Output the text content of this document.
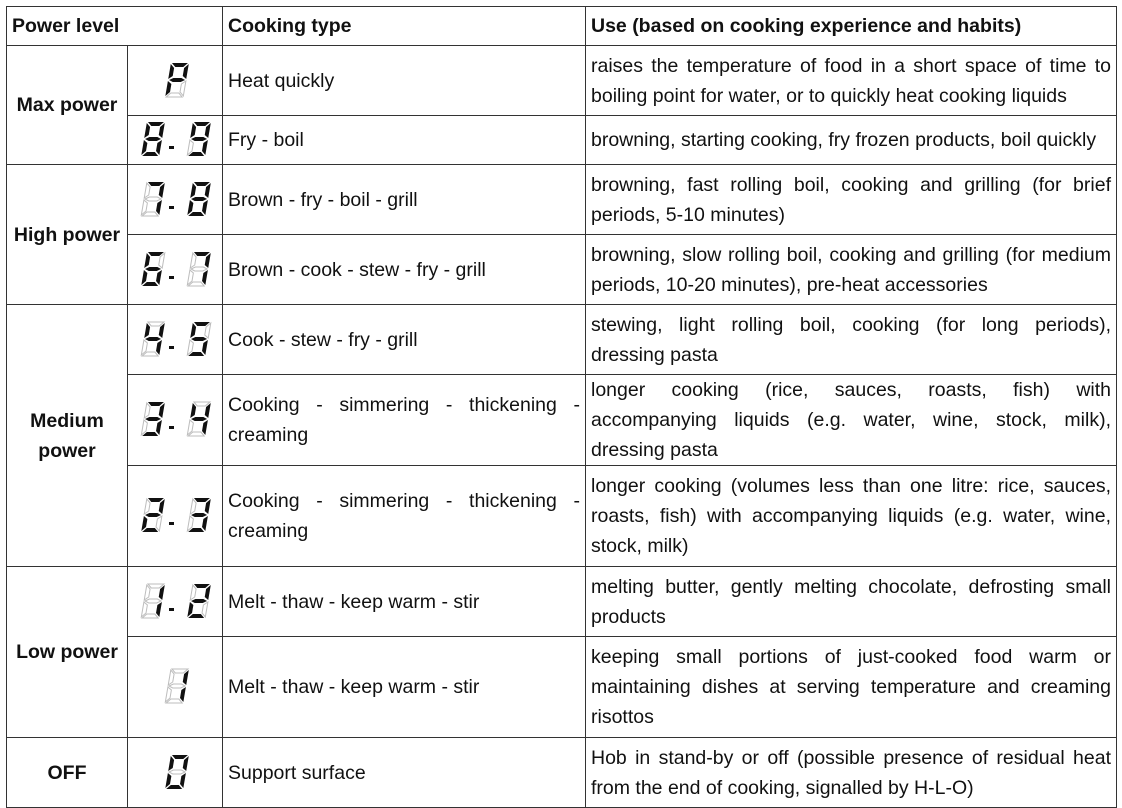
Power level		Cooking type	Use (based on cooking experience and habits)
Max power		Heat quickly	raises the temperature of food in a short space of time to boiling point for water, or to quickly heat cooking liquids
	Fry - boil	browning, starting cooking, fry frozen products, boil quickly
High power		Brown - fry - boil - grill	browning, fast rolling boil, cooking and grilling (for brief periods, 5-10 minutes)
	Brown - cook - stew - fry - grill	browning, slow rolling boil, cooking and grilling (for medium periods, 10-20 minutes), pre-heat accessories
Medium power		Cook - stew - fry - grill	stewing, light rolling boil, cooking (for long periods), dressing pasta
	Cooking - simmering - thickening - creaming	longer cooking (rice, sauces, roasts, fish) with accompanying liquids (e.g. water, wine, stock, milk), dressing pasta
	Cooking - simmering - thickening - creaming	longer cooking (volumes less than one litre: rice, sauces, roasts, fish) with accompanying liquids (e.g. water, wine, stock, milk)
Low power		Melt - thaw - keep warm - stir	melting butter, gently melting chocolate, defrosting small products
	Melt - thaw - keep warm - stir	keeping small portions of just-cooked food warm or maintaining dishes at serving temperature and creaming risottos
OFF		Support surface	Hob in stand-by or off (possible presence of residual heat from the end of cooking, signalled by H-L-O)
